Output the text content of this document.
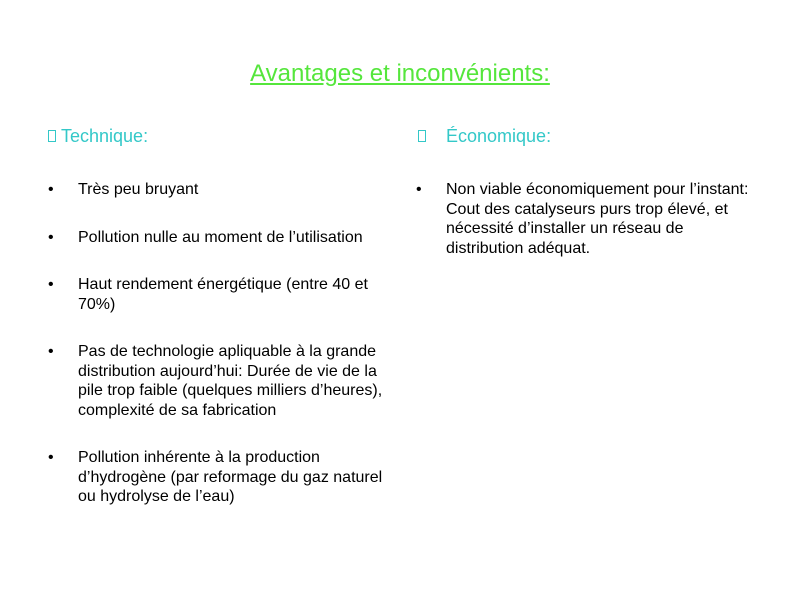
Avantages et inconvénients:
Technique:
• Très peu bruyant
• Pollution nulle au moment de l’utilisation
• Haut rendement énergétique (entre 40 et 70%)
• Pas de technologie apliquable à la grande distribution aujourd’hui: Durée de vie de la pile trop faible (quelques milliers d’heures), complexité de sa fabrication
• Pollution inhérente à la production d’hydrogène (par reformage du gaz naturel ou hydrolyse de l’eau)
Économique:
• Non viable économiquement pour l’instant: Cout des catalyseurs purs trop élevé, et nécessité d’installer un réseau de distribution adéquat.
